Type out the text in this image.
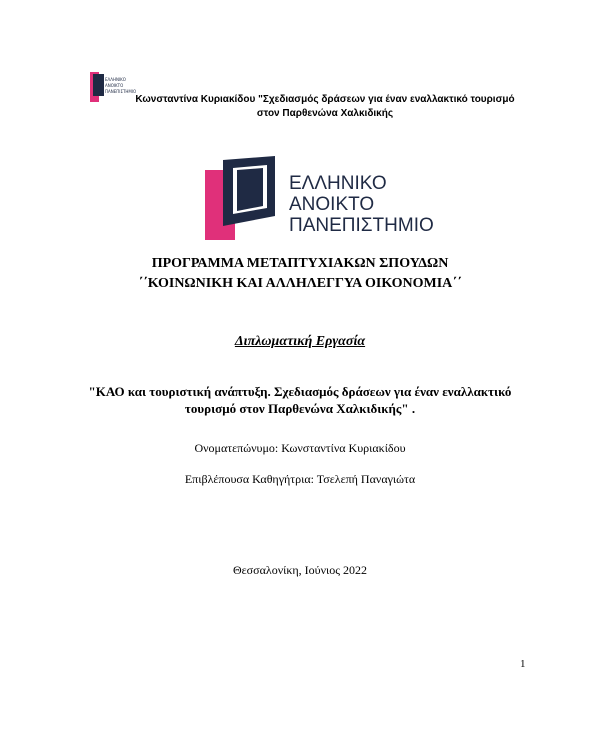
ΕΛΛΗΝΙΚΟ
ΑΝΟΙΚΤΟ
ΠΑΝΕΠΙΣΤΗΜΙΟ
Κωνσταντίνα Κυριακίδου "Σχεδιασμός δράσεων για έναν εναλλακτικό τουρισμό
στον Παρθενώνα Χαλκιδικής
ΕΛΛΗΝΙΚΟ
ΑΝΟΙΚΤΟ
ΠΑΝΕΠΙΣΤΗΜΙΟ
ΠΡΟΓΡΑΜΜΑ ΜΕΤΑΠΤΥΧΙΑΚΩΝ ΣΠΟΥΔΩΝ
΄΄ΚΟΙΝΩΝΙΚΗ ΚΑΙ ΑΛΛΗΛΕΓΓΥΑ ΟΙΚΟΝΟΜΙΑ΄΄
Διπλωματική Εργασία
"ΚΑΟ και τουριστική ανάπτυξη. Σχεδιασμός δράσεων για έναν εναλλακτικό
τουρισμό στον Παρθενώνα Χαλκιδικής" .
Ονοματεπώνυμο: Κωνσταντίνα Κυριακίδου
Επιβλέπουσα Καθηγήτρια: Τσελεπή Παναγιώτα
Θεσσαλονίκη, Ιούνιος 2022
1
